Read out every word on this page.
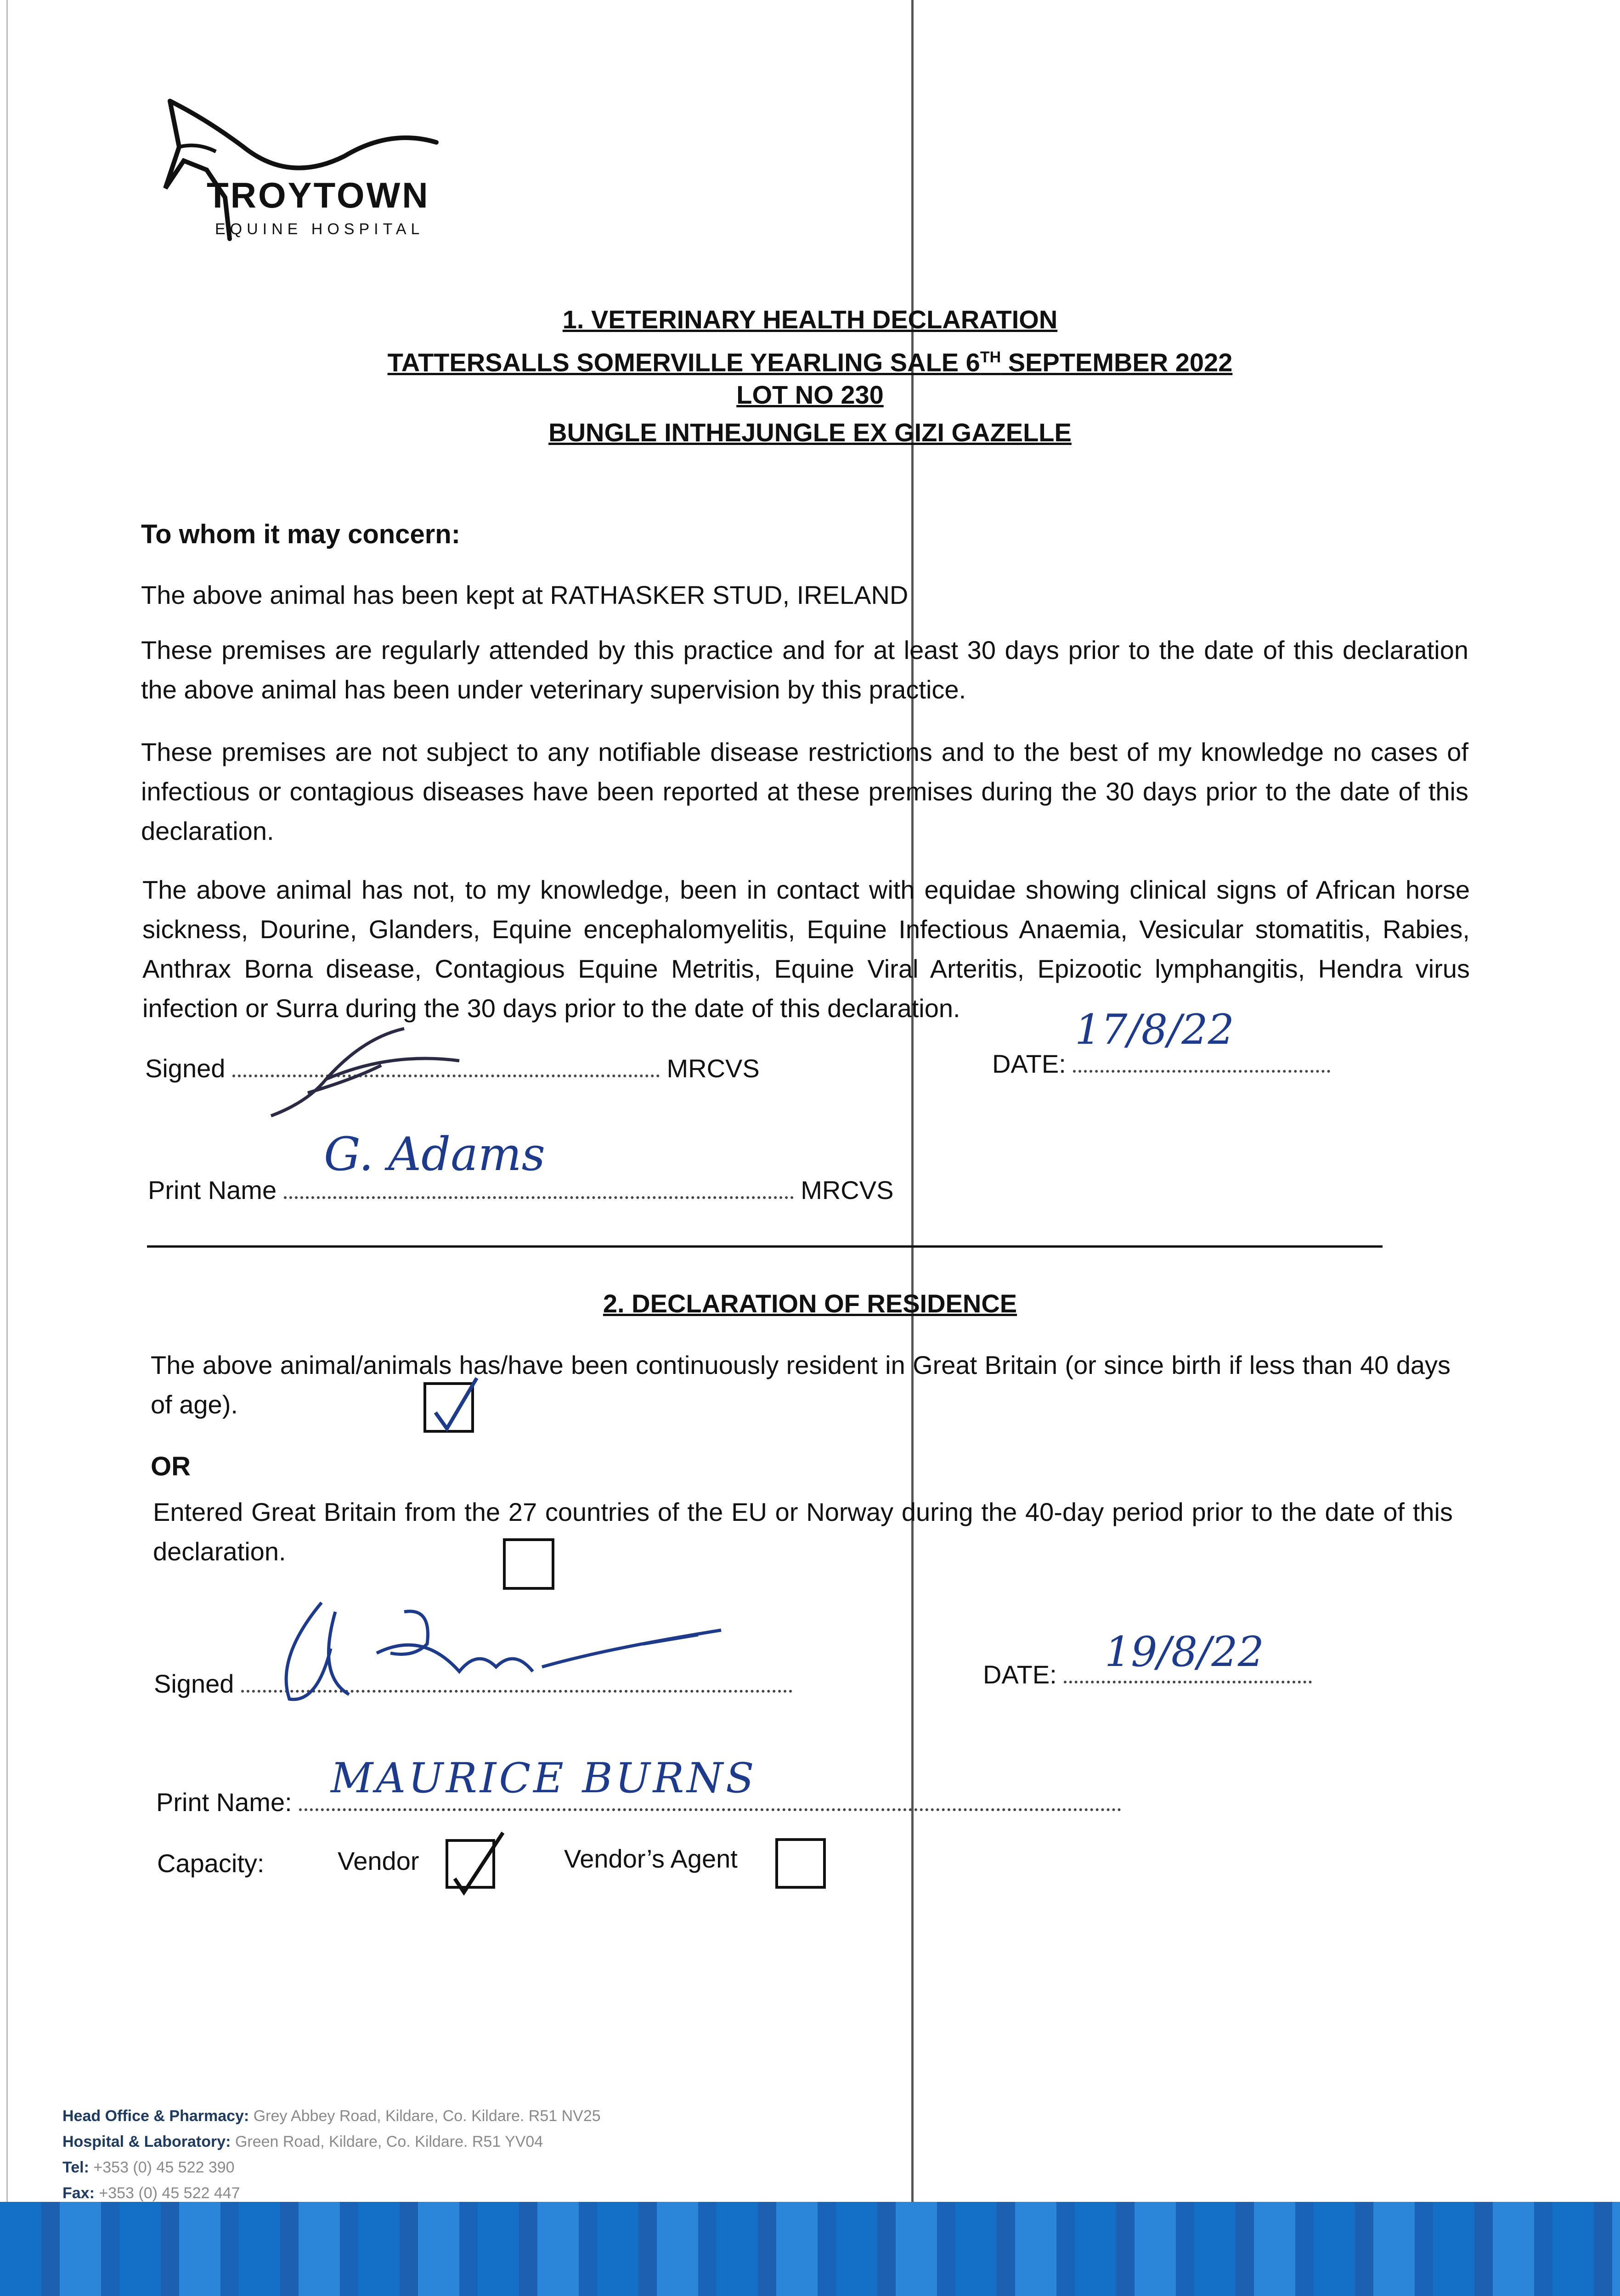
TROYTOWN
EQUINE HOSPITAL
1. VETERINARY HEALTH DECLARATION
TATTERSALLS SOMERVILLE YEARLING SALE 6TH SEPTEMBER 2022
LOT NO 230
BUNGLE INTHEJUNGLE EX GIZI GAZELLE
To whom it may concern:
The above animal has been kept at RATHASKER STUD, IRELAND
These premises are regularly attended by this practice and for at least 30 days prior to the date of this declaration the above animal has been under veterinary supervision by this practice.
These premises are not subject to any notifiable disease restrictions and to the best of my knowledge no cases of infectious or contagious diseases have been reported at these premises during the 30 days prior to the date of this declaration.
The above animal has not, to my knowledge, been in contact with equidae showing clinical signs of African horse sickness, Dourine, Glanders, Equine encephalomyelitis, Equine Infectious Anaemia, Vesicular stomatitis, Rabies, Anthrax Borna disease, Contagious Equine Metritis, Equine Viral Arteritis, Epizootic lymphangitis, Hendra virus infection or Surra during the 30 days prior to the date of this declaration.
Signed	MRCVS	DATE:
17/8/22
Print Name	MRCVS
G. Adams
2. DECLARATION OF RESIDENCE
The above animal/animals has/have been continuously resident in Great Britain (or since birth if less than 40 days of age).
OR
Entered Great Britain from the 27 countries of the EU or Norway during the 40-day period prior to the date of this declaration.
Signed	DATE:	19/8/22
Print Name: MAURICE BURNS
Capacity:	Vendor	Vendor’s Agent
Head Office & Pharmacy: Grey Abbey Road, Kildare, Co. Kildare. R51 NV25
Hospital & Laboratory: Green Road, Kildare, Co. Kildare. R51 YV04
Tel: +353 (0) 45 522 390
Fax: +353 (0) 45 522 447
